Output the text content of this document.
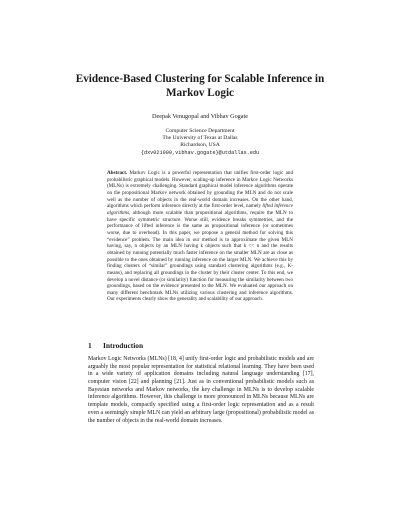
Evidence-Based Clustering for Scalable Inference in Markov Logic
Deepak Venugopal and Vibhav Gogate
Computer Science Department
The University of Texas at Dallas
Richardson, USA
{dxv021000,vibhav.gogate}@utdallas.edu
Abstract. Markov Logic is a powerful representation that unifies first-order logic and probabilistic graphical models. However, scaling-up inference in Markov Logic Networks (MLNs) is extremely challenging. Standard graphical model inference algorithms operate on the propositional Markov network obtained by grounding the MLN and do not scale well as the number of objects in the real-world domain increases. On the other hand, algorithms which perform inference directly at the first-order level, namely lifted inference algorithms, although more scalable than propositional algorithms, require the MLN to have specific symmetric structure. Worse still, evidence breaks symmetries, and the performance of lifted inference is the same as propositional inference (or sometimes worse, due to overhead). In this paper, we propose a general method for solving this “evidence” problem. The main idea in our method is to approximate the given MLN having, say, n objects by an MLN having k objects such that k << n and the results obtained by running potentially much faster inference on the smaller MLN are as close as possible to the ones obtained by running inference on the larger MLN. We achieve this by finding clusters of “similar” groundings using standard clustering algorithms (e.g., K-means), and replacing all groundings in the cluster by their cluster center. To this end, we develop a novel distance (or similarity) function for measuring the similarity between two groundings, based on the evidence presented to the MLN. We evaluated our approach on many different benchmark MLNs utilizing various clustering and inference algorithms. Our experiments clearly show the generality and scalability of our approach.
1 Introduction
Markov Logic Networks (MLNs) [18, 4] unify first-order logic and probabilistic models and are arguably the most popular representation for statistical relational learning. They have been used in a wide variety of application domains including natural language understanding [17], computer vision [22] and planning [21]. Just as in conventional probabilistic models such as Bayesian networks and Markov networks, the key challenge in MLNs is to develop scalable inference algorithms. However, this challenge is more pronounced in MLNs because MLNs are template models, compactly specified using a first-order logic representation and as a result even a seemingly simple MLN can yield an arbitrary large (propositional) probabilistic model as the number of objects in the real-world domain increases.
